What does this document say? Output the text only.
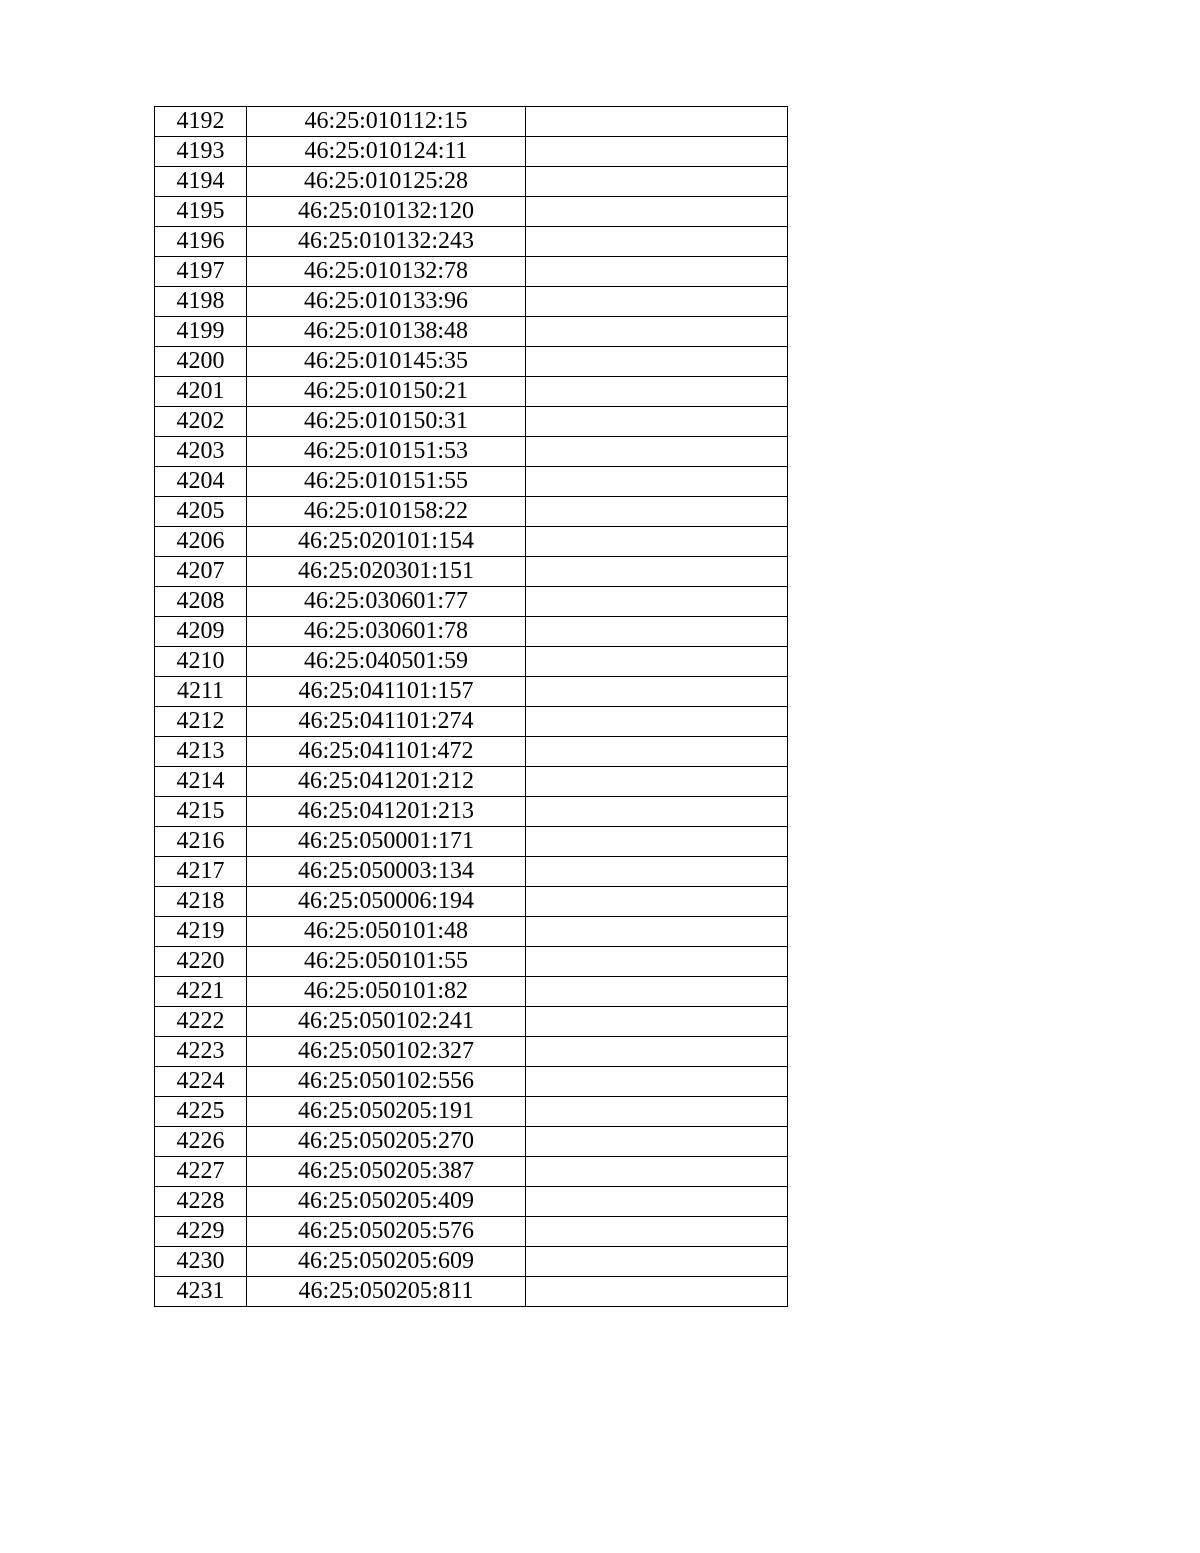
4192	46:25:010112:15	
4193	46:25:010124:11	
4194	46:25:010125:28	
4195	46:25:010132:120	
4196	46:25:010132:243	
4197	46:25:010132:78	
4198	46:25:010133:96	
4199	46:25:010138:48	
4200	46:25:010145:35	
4201	46:25:010150:21	
4202	46:25:010150:31	
4203	46:25:010151:53	
4204	46:25:010151:55	
4205	46:25:010158:22	
4206	46:25:020101:154	
4207	46:25:020301:151	
4208	46:25:030601:77	
4209	46:25:030601:78	
4210	46:25:040501:59	
4211	46:25:041101:157	
4212	46:25:041101:274	
4213	46:25:041101:472	
4214	46:25:041201:212	
4215	46:25:041201:213	
4216	46:25:050001:171	
4217	46:25:050003:134	
4218	46:25:050006:194	
4219	46:25:050101:48	
4220	46:25:050101:55	
4221	46:25:050101:82	
4222	46:25:050102:241	
4223	46:25:050102:327	
4224	46:25:050102:556	
4225	46:25:050205:191	
4226	46:25:050205:270	
4227	46:25:050205:387	
4228	46:25:050205:409	
4229	46:25:050205:576	
4230	46:25:050205:609	
4231	46:25:050205:811	
